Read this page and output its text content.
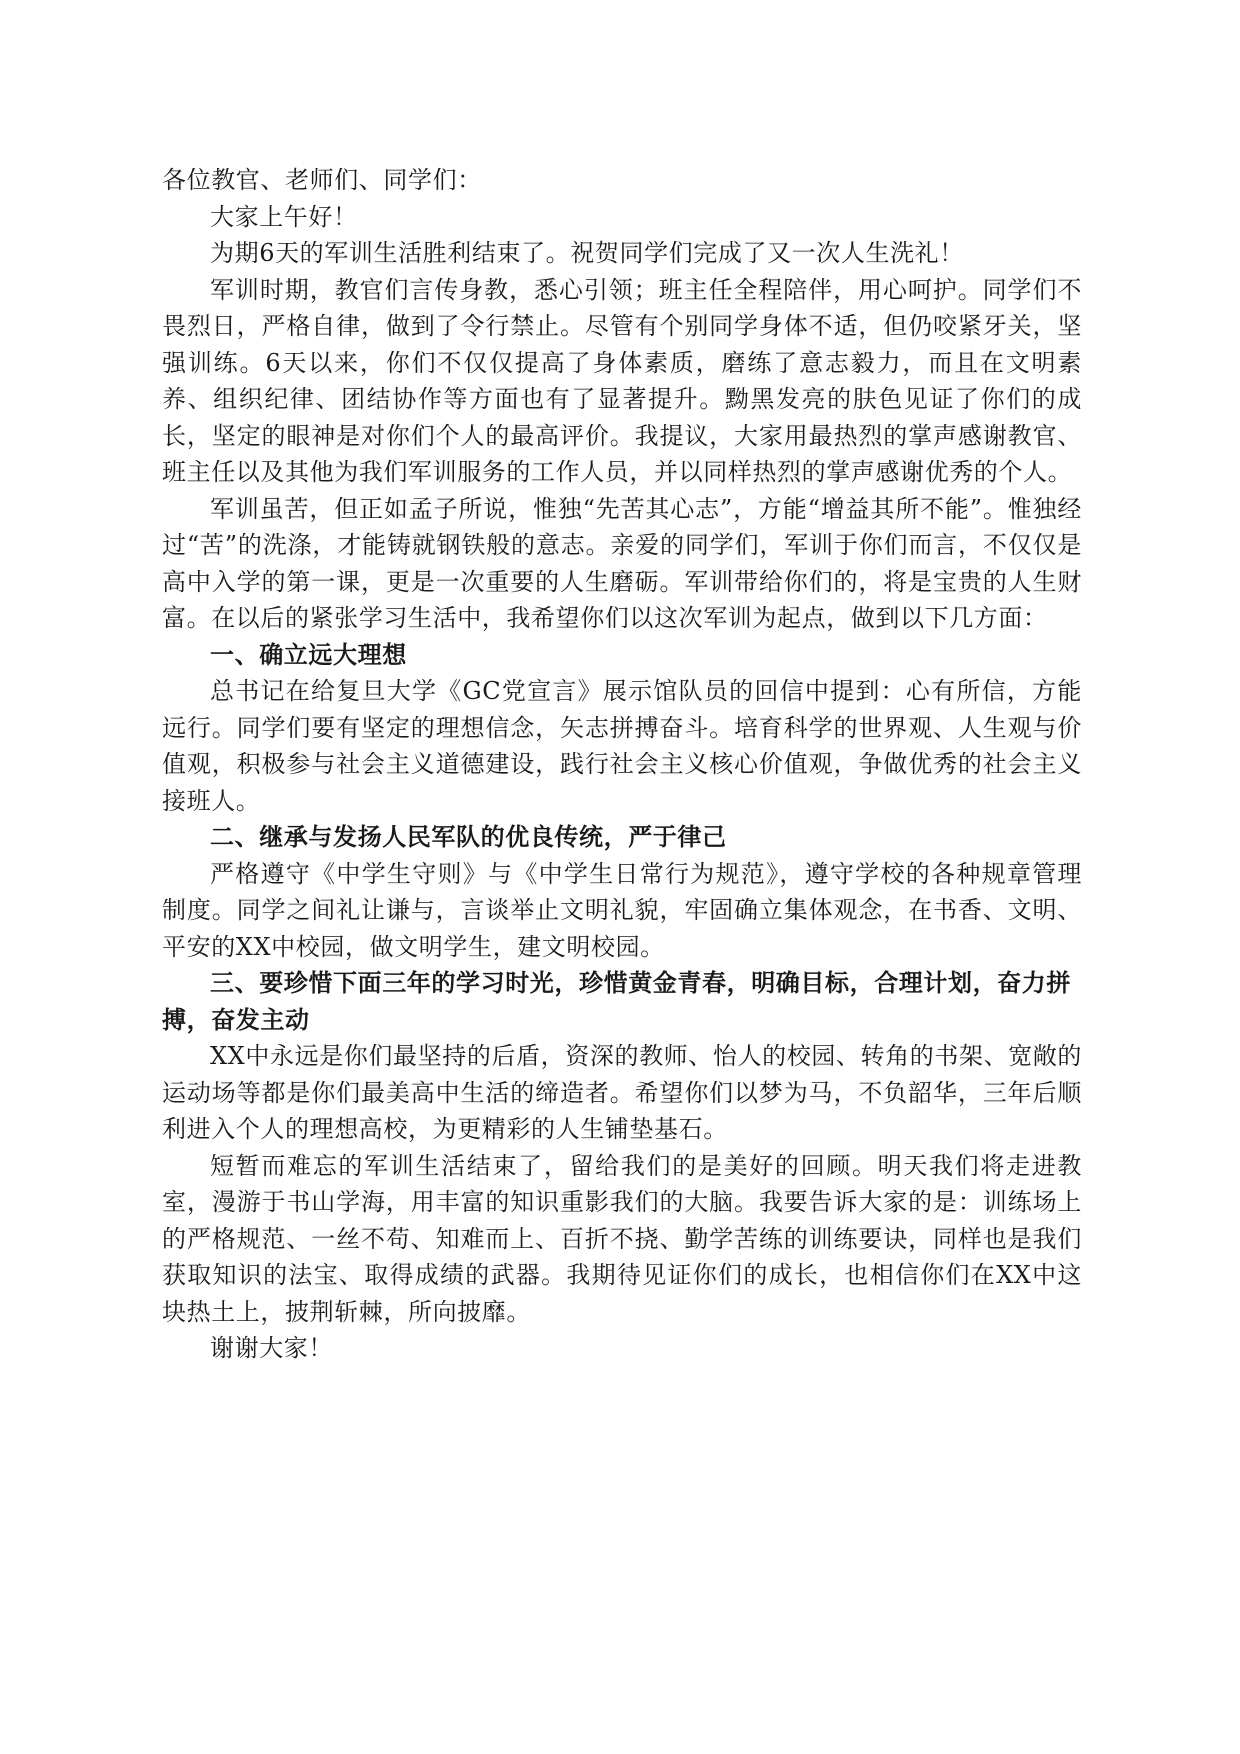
各位教官、老师们、同学们：

大家上午好！

为期6天的军训生活胜利结束了。祝贺同学们完成了又一次人生洗礼！

军训时期，教官们言传身教，悉心引领；班主任全程陪伴，用心呵护。同学们不畏烈日，严格自律，做到了令行禁止。尽管有个别同学身体不适，但仍咬紧牙关，坚强训练。6天以来，你们不仅仅提高了身体素质，磨练了意志毅力，而且在文明素养、组织纪律、团结协作等方面也有了显著提升。黝黑发亮的肤色见证了你们的成长，坚定的眼神是对你们个人的最高评价。我提议，大家用最热烈的掌声感谢教官、班主任以及其他为我们军训服务的工作人员，并以同样热烈的掌声感谢优秀的个人。

军训虽苦，但正如孟子所说，惟独“先苦其心志”，方能“增益其所不能”。惟独经过“苦”的洗涤，才能铸就钢铁般的意志。亲爱的同学们，军训于你们而言，不仅仅是高中入学的第一课，更是一次重要的人生磨砺。军训带给你们的，将是宝贵的人生财富。在以后的紧张学习生活中，我希望你们以这次军训为起点，做到以下几方面：

一、确立远大理想

总书记在给复旦大学《GC党宣言》展示馆队员的回信中提到：心有所信，方能远行。同学们要有坚定的理想信念，矢志拼搏奋斗。培育科学的世界观、人生观与价值观，积极参与社会主义道德建设，践行社会主义核心价值观，争做优秀的社会主义接班人。

二、继承与发扬人民军队的优良传统，严于律己

严格遵守《中学生守则》与《中学生日常行为规范》，遵守学校的各种规章管理制度。同学之间礼让谦与，言谈举止文明礼貌，牢固确立集体观念，在书香、文明、平安的XX中校园，做文明学生，建文明校园。

三、要珍惜下面三年的学习时光，珍惜黄金青春，明确目标，合理计划，奋力拼搏，奋发主动

XX中永远是你们最坚持的后盾，资深的教师、怡人的校园、转角的书架、宽敞的运动场等都是你们最美高中生活的缔造者。希望你们以梦为马，不负韶华，三年后顺利进入个人的理想高校，为更精彩的人生铺垫基石。

短暂而难忘的军训生活结束了，留给我们的是美好的回顾。明天我们将走进教室，漫游于书山学海，用丰富的知识重影我们的大脑。我要告诉大家的是：训练场上的严格规范、一丝不苟、知难而上、百折不挠、勤学苦练的训练要诀，同样也是我们获取知识的法宝、取得成绩的武器。我期待见证你们的成长，也相信你们在XX中这块热土上，披荆斩棘，所向披靡。

谢谢大家！
